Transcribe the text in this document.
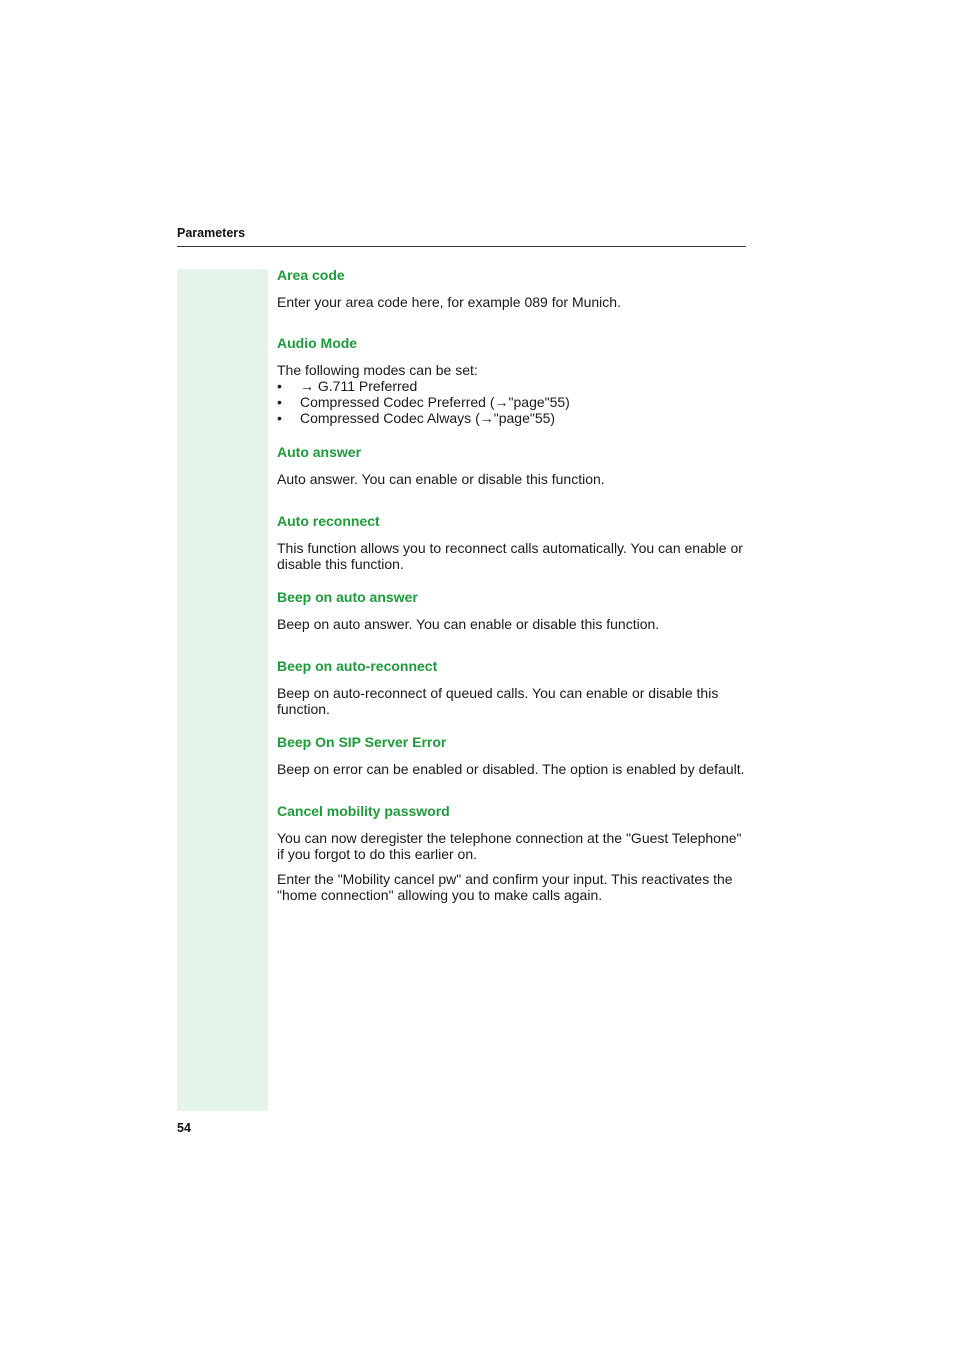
Parameters
Area code

Enter your area code here, for example 089 for Munich.

Audio Mode
The following modes can be set:
• → G.711 Preferred
• Compressed Codec Preferred (→"page"55)
• Compressed Codec Always (→"page"55)
Auto answer

Auto answer. You can enable or disable this function.

Auto reconnect

This function allows you to reconnect calls automatically. You can enable or disable this function.

Beep on auto answer

Beep on auto answer. You can enable or disable this function.

Beep on auto-reconnect

Beep on auto-reconnect of queued calls. You can enable or disable this function.

Beep On SIP Server Error

Beep on error can be enabled or disabled. The option is enabled by default.

Cancel mobility password

You can now deregister the telephone connection at the "Guest Telephone" if you forgot to do this earlier on.

Enter the "Mobility cancel pw" and confirm your input. This reactivates the "home connection" allowing you to make calls again.

54
